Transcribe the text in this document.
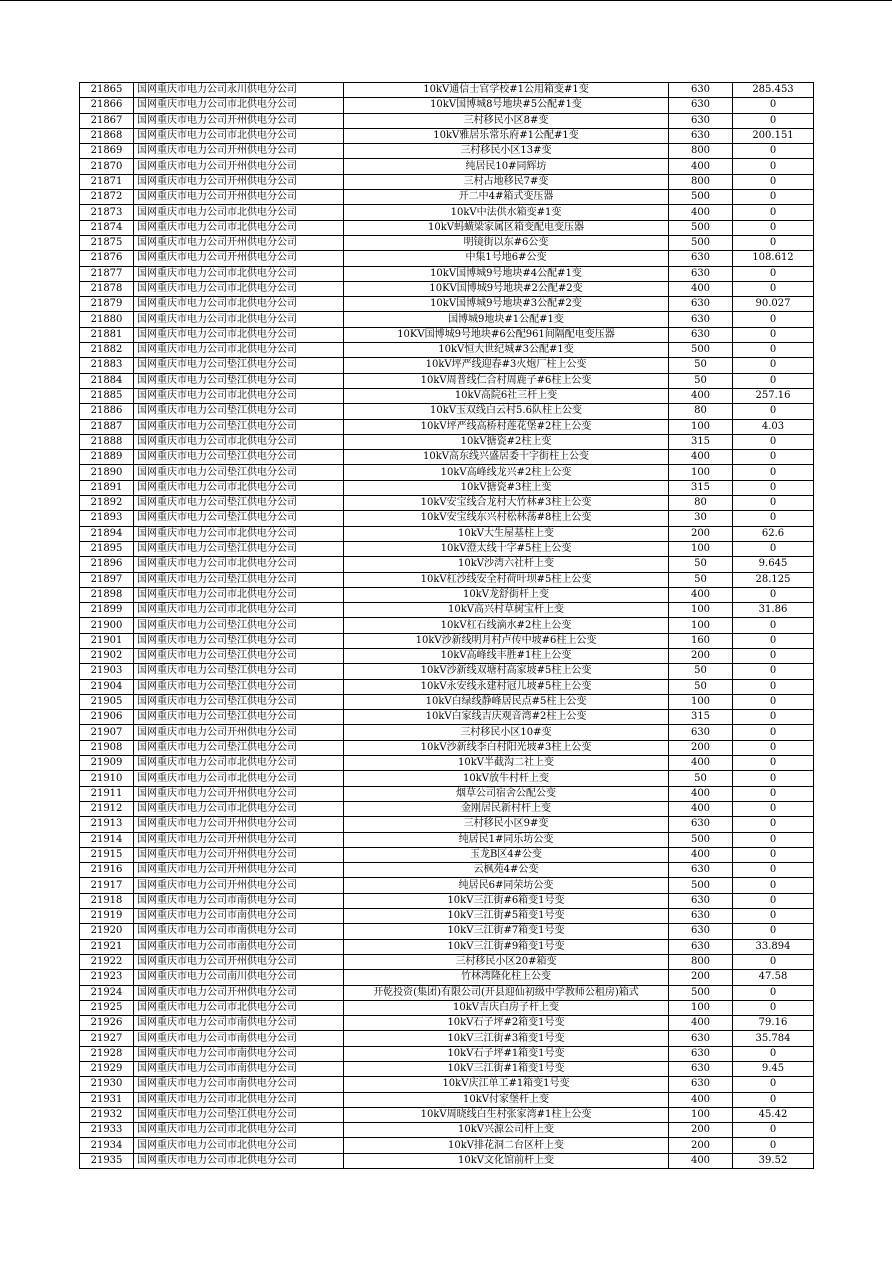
21865	国网重庆市电力公司永川供电分公司	10kV通信士官学校#1公用箱变#1变	630	285.453
21866	国网重庆市电力公司市北供电分公司	10kV国博城8号地块#5公配#1变	630	0
21867	国网重庆市电力公司开州供电分公司	三村移民小区8#变	630	0
21868	国网重庆市电力公司市北供电分公司	10kV雅居乐常乐府#1公配#1变	630	200.151
21869	国网重庆市电力公司开州供电分公司	三村移民小区13#变	800	0
21870	国网重庆市电力公司开州供电分公司	纯居民10#同辉坊	400	0
21871	国网重庆市电力公司开州供电分公司	三村占地移民7#变	800	0
21872	国网重庆市电力公司开州供电分公司	开二中4#箱式变压器	500	0
21873	国网重庆市电力公司市北供电分公司	10kV中法供水箱变#1变	400	0
21874	国网重庆市电力公司市北供电分公司	10kV蚂蟥梁家属区箱变配电变压器	500	0
21875	国网重庆市电力公司开州供电分公司	明镜街以东#6公变	500	0
21876	国网重庆市电力公司开州供电分公司	中集1号地6#公变	630	108.612
21877	国网重庆市电力公司市北供电分公司	10kV国博城9号地块#4公配#1变	630	0
21878	国网重庆市电力公司市北供电分公司	10KV国博城9号地块#2公配#2变	400	0
21879	国网重庆市电力公司市北供电分公司	10kV国博城9号地块#3公配#2变	630	90.027
21880	国网重庆市电力公司市北供电分公司	国博城9地块#1公配#1变	630	0
21881	国网重庆市电力公司市北供电分公司	10KV国博城9号地块#6公配961间隔配电变压器	630	0
21882	国网重庆市电力公司市北供电分公司	10kV恒大世纪城#3公配#1变	500	0
21883	国网重庆市电力公司垫江供电分公司	10kV坪严线迎春#3火炮厂柱上公变	50	0
21884	国网重庆市电力公司垫江供电分公司	10kV周普线仁合村周鹿子#6柱上公变	50	0
21885	国网重庆市电力公司市北供电分公司	10kV高院6社三杆上变	400	257.16
21886	国网重庆市电力公司垫江供电分公司	10kV玉双线白云村5.6队柱上公变	80	0
21887	国网重庆市电力公司垫江供电分公司	10kV坪严线高桥村莲花堡#2柱上公变	100	4.03
21888	国网重庆市电力公司市北供电分公司	10kV搪瓷#2柱上变	315	0
21889	国网重庆市电力公司垫江供电分公司	10kV高东线兴盛居委十字街柱上公变	400	0
21890	国网重庆市电力公司垫江供电分公司	10kV高峰线龙兴#2柱上公变	100	0
21891	国网重庆市电力公司市北供电分公司	10kV搪瓷#3柱上变	315	0
21892	国网重庆市电力公司垫江供电分公司	10kV安宝线合龙村大竹林#3柱上公变	80	0
21893	国网重庆市电力公司垫江供电分公司	10kV安宝线东兴村松林荡#8柱上公变	30	0
21894	国网重庆市电力公司市北供电分公司	10kV大生屋基柱上变	200	62.6
21895	国网重庆市电力公司垫江供电分公司	10kV澄太线十字#5柱上公变	100	0
21896	国网重庆市电力公司市北供电分公司	10kV沙湾六社杆上变	50	9.645
21897	国网重庆市电力公司垫江供电分公司	10kV杠沙线安全村荷叶坝#5柱上公变	50	28.125
21898	国网重庆市电力公司市北供电分公司	10kV龙舒街杆上变	400	0
21899	国网重庆市电力公司市北供电分公司	10kV高兴村草树宝杆上变	100	31.86
21900	国网重庆市电力公司垫江供电分公司	10kV杠石线滴水#2柱上公变	100	0
21901	国网重庆市电力公司垫江供电分公司	10kV沙新线明月村卢传中坡#6柱上公变	160	0
21902	国网重庆市电力公司垫江供电分公司	10kV高峰线丰胜#1柱上公变	200	0
21903	国网重庆市电力公司垫江供电分公司	10kV沙新线双塘村高家坡#5柱上公变	50	0
21904	国网重庆市电力公司垫江供电分公司	10kV永安线永建村冠儿坡#5柱上公变	50	0
21905	国网重庆市电力公司垫江供电分公司	10kV白绿线静峰居民点#5柱上公变	100	0
21906	国网重庆市电力公司垫江供电分公司	10kV白家线吉庆观音湾#2柱上公变	315	0
21907	国网重庆市电力公司开州供电分公司	三村移民小区10#变	630	0
21908	国网重庆市电力公司垫江供电分公司	10kV沙新线李白村阳光坡#3柱上公变	200	0
21909	国网重庆市电力公司市北供电分公司	10kV半截沟二社上变	400	0
21910	国网重庆市电力公司市北供电分公司	10kV放牛村杆上变	50	0
21911	国网重庆市电力公司开州供电分公司	烟草公司宿舍公配公变	400	0
21912	国网重庆市电力公司市北供电分公司	金刚居民新村杆上变	400	0
21913	国网重庆市电力公司开州供电分公司	三村移民小区9#变	630	0
21914	国网重庆市电力公司开州供电分公司	纯居民1#同乐坊公变	500	0
21915	国网重庆市电力公司开州供电分公司	玉龙B区4#公变	400	0
21916	国网重庆市电力公司开州供电分公司	云枫苑4#公变	630	0
21917	国网重庆市电力公司开州供电分公司	纯居民6#同荣坊公变	500	0
21918	国网重庆市电力公司市南供电分公司	10kV三江街#6箱变1号变	630	0
21919	国网重庆市电力公司市南供电分公司	10kV三江街#5箱变1号变	630	0
21920	国网重庆市电力公司市南供电分公司	10kV三江街#7箱变1号变	630	0
21921	国网重庆市电力公司市南供电分公司	10kV三江街#9箱变1号变	630	33.894
21922	国网重庆市电力公司开州供电分公司	三村移民小区20#箱变	800	0
21923	国网重庆市电力公司南川供电分公司	竹林湾隆化柱上公变	200	47.58
21924	国网重庆市电力公司开州供电分公司	开乾投资(集团)有限公司(开县迎仙初级中学教师公租房)箱式	500	0
21925	国网重庆市电力公司市北供电分公司	10kV吉庆白房子杆上变	100	0
21926	国网重庆市电力公司市南供电分公司	10kV石子坪#2箱变1号变	400	79.16
21927	国网重庆市电力公司市南供电分公司	10kV三江街#3箱变1号变	630	35.784
21928	国网重庆市电力公司市南供电分公司	10kV石子坪#1箱变1号变	630	0
21929	国网重庆市电力公司市南供电分公司	10kV三江街#1箱变1号变	630	9.45
21930	国网重庆市电力公司市南供电分公司	10kV庆江单工#1箱变1号变	630	0
21931	国网重庆市电力公司市北供电分公司	10kV付家堡杆上变	400	0
21932	国网重庆市电力公司垫江供电分公司	10kV周晓线白生村张家湾#1柱上公变	100	45.42
21933	国网重庆市电力公司市北供电分公司	10kV兴源公司杆上变	200	0
21934	国网重庆市电力公司市北供电分公司	10kV排花洞二台区杆上变	200	0
21935	国网重庆市电力公司市北供电分公司	10kV文化馆前杆上变	400	39.52
